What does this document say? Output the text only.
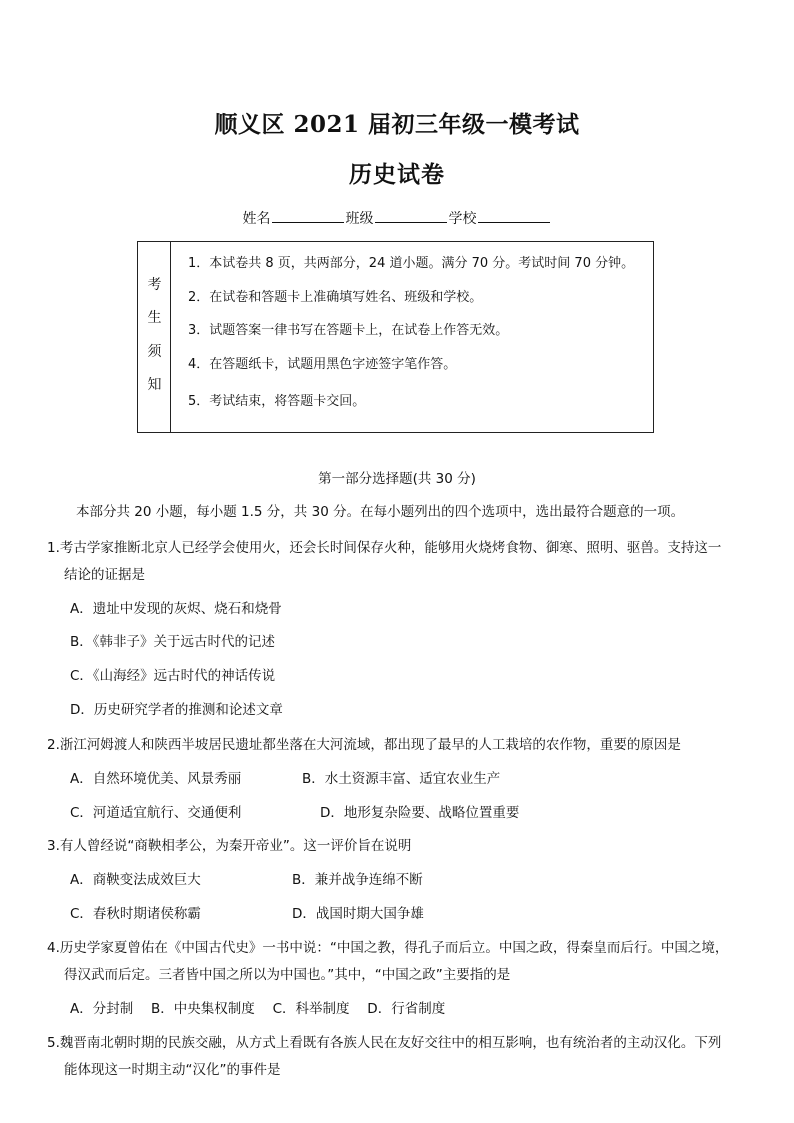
顺义区 2021 届初三年级一模考试
历史试卷
姓名	班级	学校
考
生
须
知
1．本试卷共 8 页，共两部分，24 道小题。满分 70 分。考试时间 70 分钟。
2．在试卷和答题卡上准确填写姓名、班级和学校。
3．试题答案一律书写在答题卡上，在试卷上作答无效。
4．在答题纸卡，试题用黑色字迹签字笔作答。
5．考试结束，将答题卡交回。
第一部分选择题(共 30 分)
本部分共 20 小题，每小题 1.5 分，共 30 分。在每小题列出的四个选项中，选出最符合题意的一项。
1.考古学家推断北京人已经学会使用火，还会长时间保存火种，能够用火烧烤食物、御寒、照明、驱兽。支持这一
结论的证据是
A．遗址中发现的灰烬、烧石和烧骨
B．《韩非子》关于远古时代的记述
C．《山海经》远古时代的神话传说
D．历史研究学者的推测和论述文章
2.浙江河姆渡人和陕西半坡居民遗址都坐落在大河流域，都出现了最早的人工栽培的农作物，重要的原因是
A．自然环境优美、风景秀丽	B．水土资源丰富、适宜农业生产
C．河道适宜航行、交通便利	D．地形复杂险要、战略位置重要
3.有人曾经说“商鞅相孝公，为秦开帝业”。这一评价旨在说明
A．商鞅变法成效巨大	B．兼并战争连绵不断
C．春秋时期诸侯称霸	D．战国时期大国争雄
4.历史学家夏曾佑在《中国古代史》一书中说：“中国之教，得孔子而后立。中国之政，得秦皇而后行。中国之境，
得汉武而后定。三者皆中国之所以为中国也。”其中，“中国之政”主要指的是
A．分封制　 B．中央集权制度　 C．科举制度　 D．行省制度
5.魏晋南北朝时期的民族交融，从方式上看既有各族人民在友好交往中的相互影响，也有统治者的主动汉化。下列
能体现这一时期主动“汉化”的事件是
